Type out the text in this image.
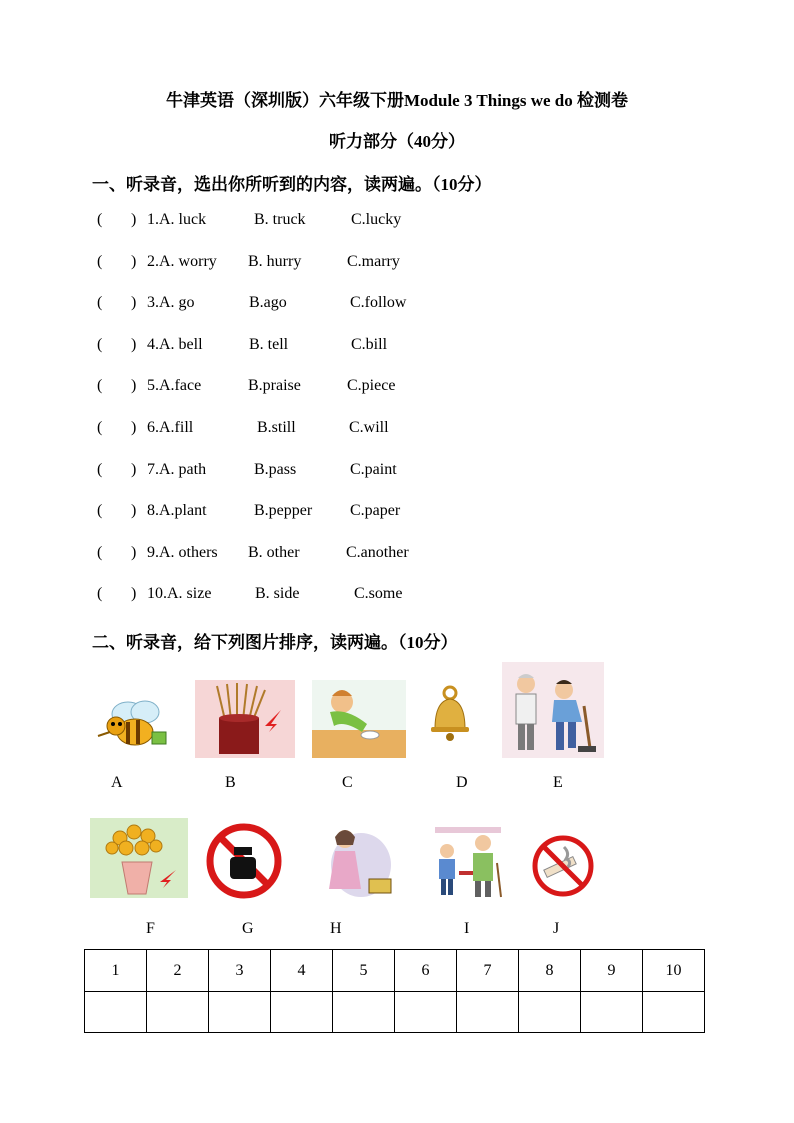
牛津英语（深圳版）六年级下册Module 3 Things we do 检测卷
听力部分（40分）
一、听录音，选出你所听到的内容，读两遍。（10分）
( ) 1.A. luck	B. truck	C.lucky
( ) 2.A. worry B. hurry	C.marry
( ) 3.A. go	B.ago	C.follow
( ) 4.A. bell	B. tell	C.bill
( ) 5.A.face	B.praise	C.piece
( ) 6.A.fill	B.still	C.will
( ) 7.A. path	B.pass	C.paint
( ) 8.A.plant	B.pepper C.paper
( ) 9.A. others B. other	C.another
( ) 10.A. size	B. side	C.some
二、听录音，给下列图片排序，读两遍。（10分）
A	B	C	D	E
F	G	H	I	J
1	2	3	4	5	6	7	8	9	10
